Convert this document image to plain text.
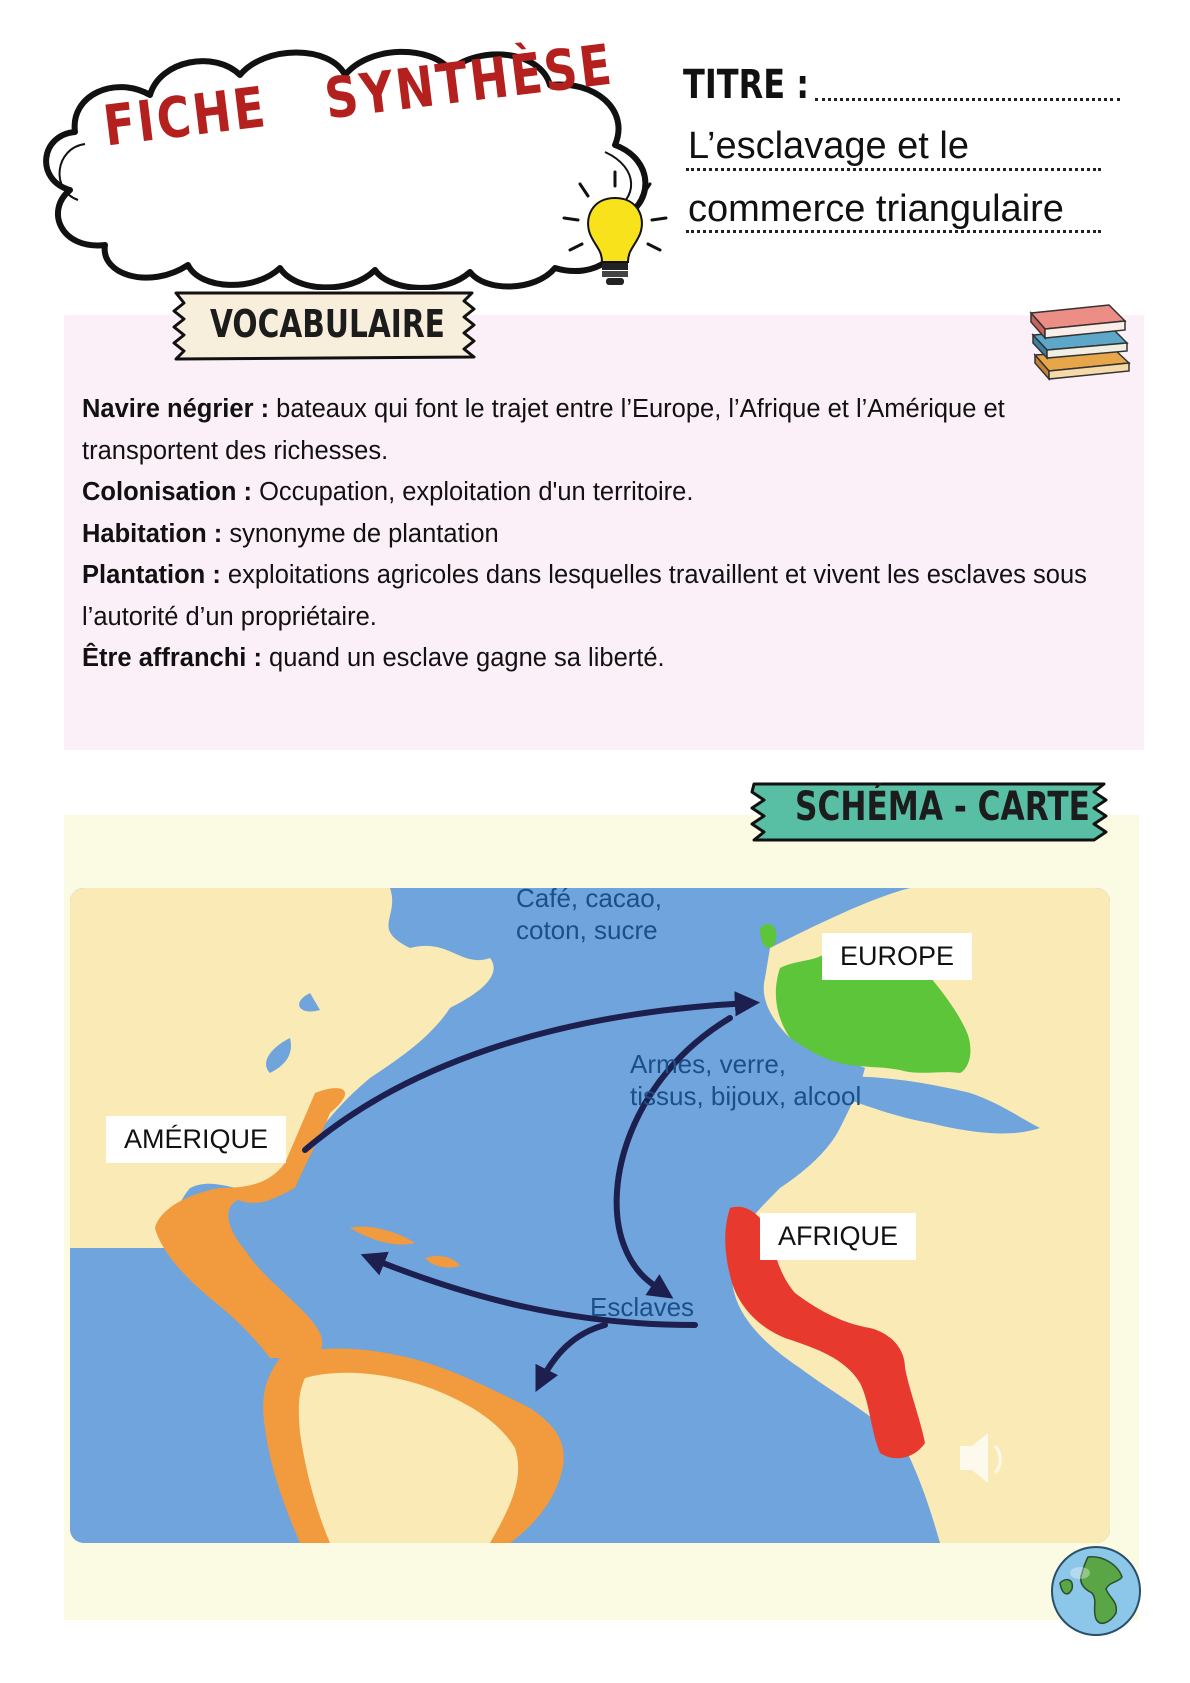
FICHE SYNTHÈSE TITRE :
L’esclavage et le
commerce triangulaire
VOCABULAIRE

Navire négrier : bateaux qui font le trajet entre l’Europe, l’Afrique et l’Amérique et transportent des richesses.

Colonisation : Occupation, exploitation d'un territoire.

Habitation : synonyme de plantation

Plantation : exploitations agricoles dans lesquelles travaillent et vivent les esclaves sous l’autorité d’un propriétaire.

Être affranchi : quand un esclave gagne sa liberté.

SCHÉMA - CARTE
Café, cacao,
coton, sucre
Armes, verre,
tissus, bijoux, alcool
Esclaves
EUROPE
AMÉRIQUE
AFRIQUE
